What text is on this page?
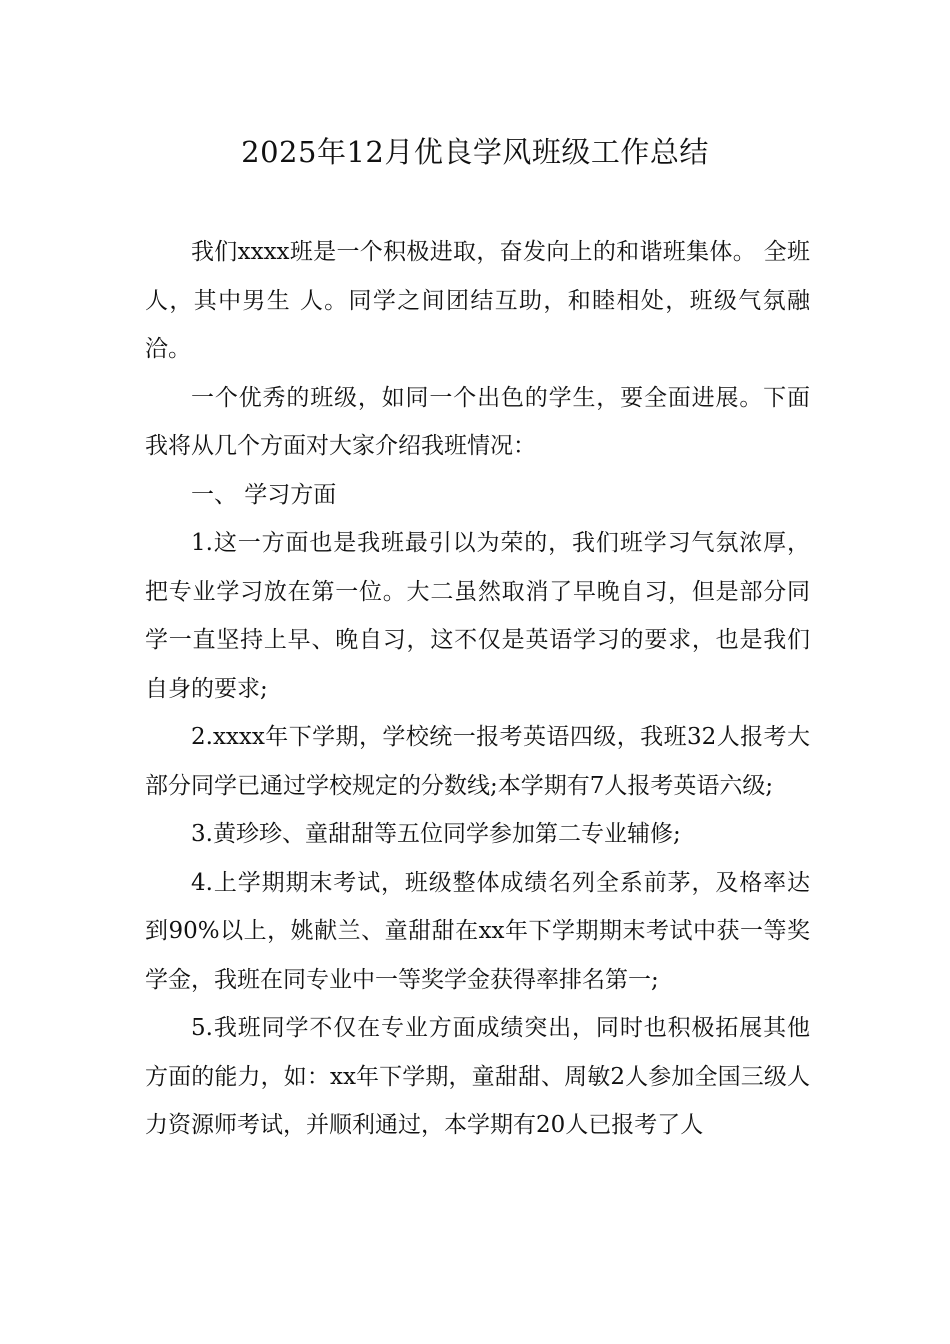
2025年12月优良学风班级工作总结

我们xxxx班是一个积极进取，奋发向上的和谐班集体。 全班 人，其中男生 人。同学之间团结互助，和睦相处，班级气氛融洽。

一个优秀的班级，如同一个出色的学生，要全面进展。下面我将从几个方面对大家介绍我班情况：

一、 学习方面

1.这一方面也是我班最引以为荣的，我们班学习气氛浓厚，把专业学习放在第一位。大二虽然取消了早晚自习，但是部分同学一直坚持上早、晚自习，这不仅是英语学习的要求，也是我们自身的要求;

2.xxxx年下学期，学校统一报考英语四级，我班32人报考大部分同学已通过学校规定的分数线;本学期有7人报考英语六级;

3.黄珍珍、童甜甜等五位同学参加第二专业辅修;

4.上学期期末考试，班级整体成绩名列全系前茅，及格率达到90%以上，姚献兰、童甜甜在xx年下学期期末考试中获一等奖学金，我班在同专业中一等奖学金获得率排名第一;

5.我班同学不仅在专业方面成绩突出，同时也积极拓展其他方面的能力，如：xx年下学期，童甜甜、周敏2人参加全国三级人力资源师考试，并顺利通过，本学期有20人已报考了人
